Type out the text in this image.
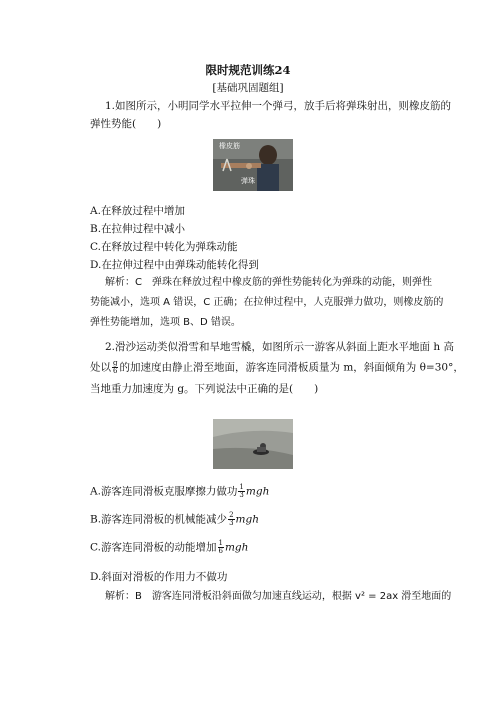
限时规范训练24
[基础巩固题组]
1.如图所示，小明同学水平拉伸一个弹弓，放手后将弹珠射出，则橡皮筋的
弹性势能(　　)
橡皮筋
弹珠
A.在释放过程中增加
B.在拉伸过程中减小
C.在释放过程中转化为弹珠动能
D.在拉伸过程中由弹珠动能转化得到
解析：C　弹珠在释放过程中橡皮筋的弹性势能转化为弹珠的动能，则弹性
势能减小，选项 A 错误，C 正确；在拉伸过程中，人克服弹力做功，则橡皮筋的
弹性势能增加，选项 B、D 错误。
2.滑沙运动类似滑雪和旱地雪橇，如图所示一游客从斜面上距水平地面 h 高
处以 $\frac{g}{6}$ 的加速度由静止滑至地面，游客连同滑板质量为 m，斜面倾角为 θ=30°，
当地重力加速度为 g。下列说法中正确的是(　　)
A.游客连同滑板克服摩擦力做功 $\frac{1}{3}$ mgh
B.游客连同滑板的机械能减少 $\frac{2}{3}$ mgh
C.游客连同滑板的动能增加 $\frac{1}{6}$ mgh
D.斜面对滑板的作用力不做功
解析：B　游客连同滑板沿斜面做匀加速直线运动，根据 v² = 2ax 滑至地面的
